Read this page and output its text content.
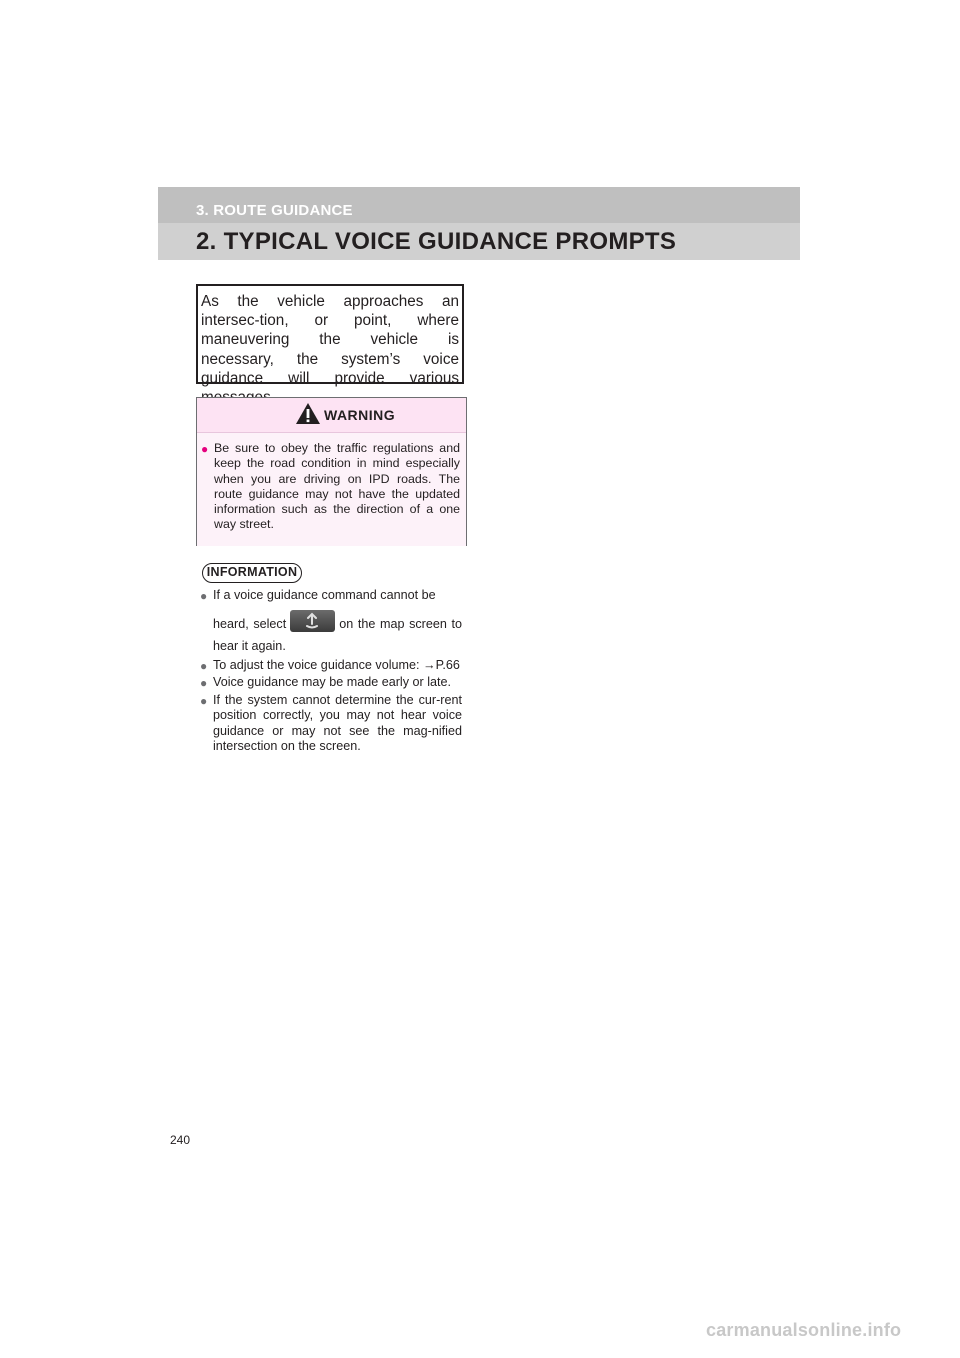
3. ROUTE GUIDANCE
2. TYPICAL VOICE GUIDANCE PROMPTS
As the vehicle approaches an intersec-tion, or point, where maneuvering the vehicle is necessary, the system’s voice guidance will provide various
WARNING
● Be sure to obey the traffic regulations and keep the road condition in mind especially when you are driving on IPD roads. The route guidance may not have the updated information such as the direction of a one way street.
INFORMATION
● If a voice guidance command cannot be
heard, select	on the map screen to hear it again.
● To adjust the voice guidance volume: →P.66
● Voice guidance may be made early or late.
● If the system cannot determine the cur-rent position correctly, you may not hear voice guidance or may not see the mag-nified intersection on the screen.
240
carmanualsonline.info
